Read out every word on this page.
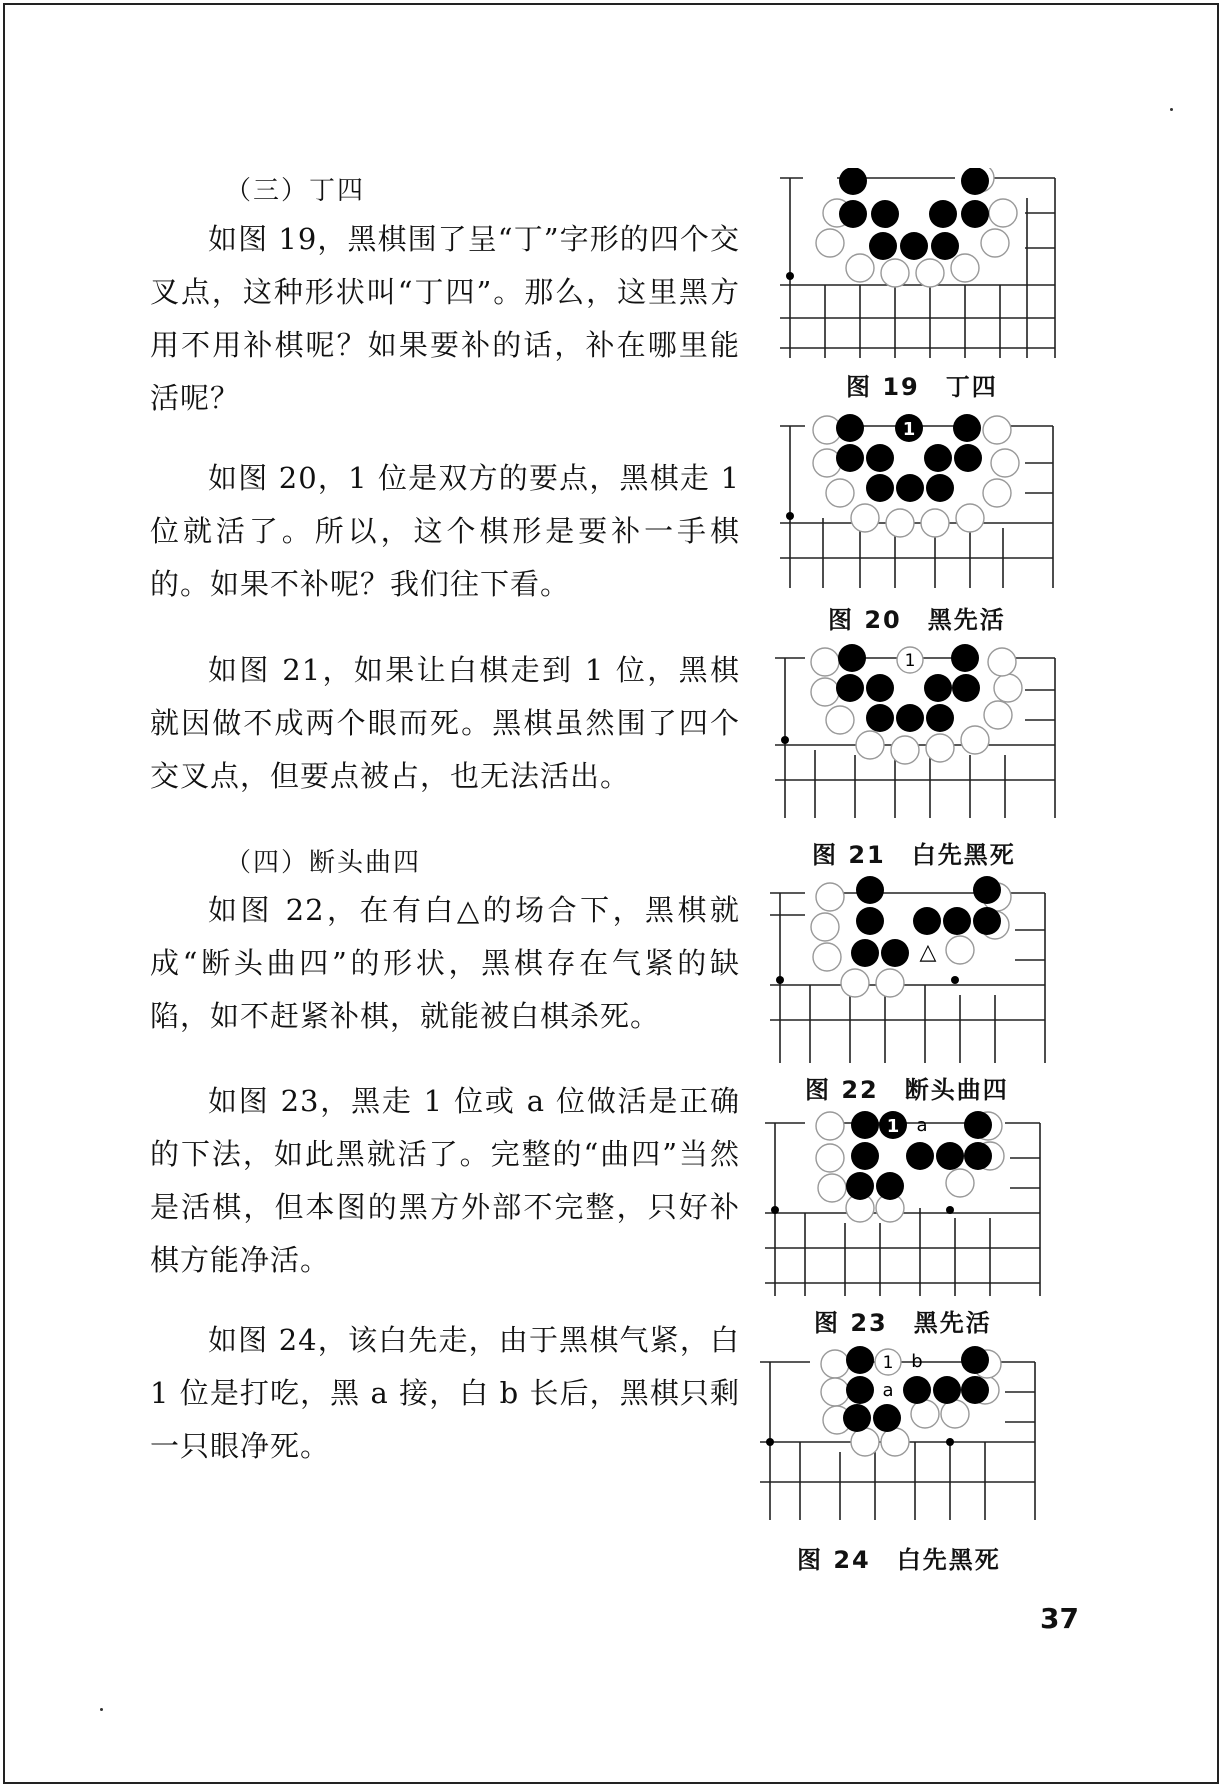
（三）丁四
如图 19，黑棋围了呈“丁”字形的四个交叉点，这种形状叫“丁四”。那么，这里黑方用不用补棋呢？如果要补的话，补在哪里能活呢？
如图 20，1 位是双方的要点，黑棋走 1 位就活了。所以，这个棋形是要补一手棋的。如果不补呢？我们往下看。
如图 21，如果让白棋走到 1 位，黑棋就因做不成两个眼而死。黑棋虽然围了四个交叉点，但要点被占，也无法活出。
（四）断头曲四
如图 22，在有白△的场合下，黑棋就成“断头曲四”的形状，黑棋存在气紧的缺陷，如不赶紧补棋，就能被白棋杀死。
如图 23，黑走 1 位或 a 位做活是正确的下法，如此黑就活了。完整的“曲四”当然是活棋，但本图的黑方外部不完整，只好补棋方能净活。
如图 24，该白先走，由于黑棋气紧，白 1 位是打吃，黑 a 接，白 b 长后，黑棋只剩一只眼净死。
图 19　丁四
1
图 20　黑先活
1
图 21　白先黑死
△
图 22　断头曲四
1 a
图 23　黑先活
1 b
a
图 24　白先黑死
37
